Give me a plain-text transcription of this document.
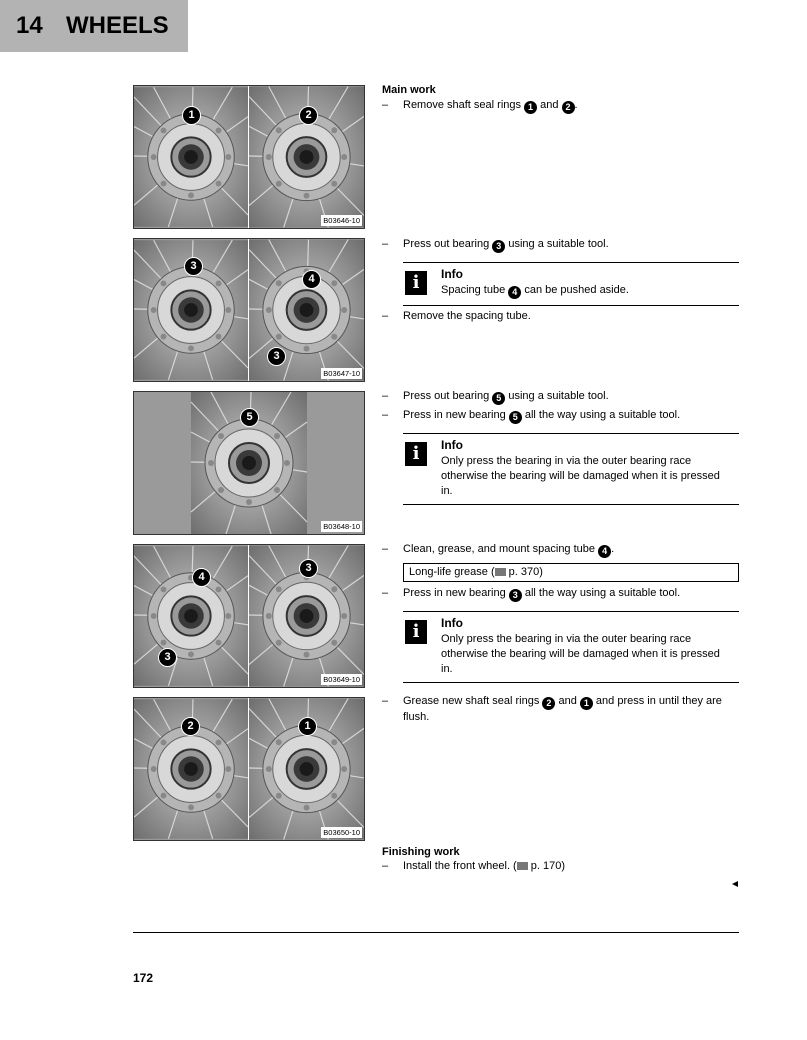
14 WHEELS
1	2
B03646-10
3
4
3
B03647-10
5
B03648-10
4
3
3
B03649-10
2	1
B03650-10
Main work
– Remove shaft seal rings 1 and 2 .
– Press out bearing 3 using a suitable tool.
i	Info
Spacing tube 4 can be pushed aside.
– Remove the spacing tube.
– Press out bearing 5 using a suitable tool.
– Press in new bearing 5 all the way using a suitable tool.
i	Info
Only press the bearing in via the outer bearing race otherwise the bearing will be damaged when it is pressed in.
– Clean, grease, and mount spacing tube 4 .
Long-life grease ( p. 370)
– Press in new bearing 3 all the way using a suitable tool.
i	Info
Only press the bearing in via the outer bearing race otherwise the bearing will be damaged when it is pressed in.
– Grease new shaft seal rings 2 and 1 and press in until they are flush.
Finishing work
– Install the front wheel. ( p. 170)
172
